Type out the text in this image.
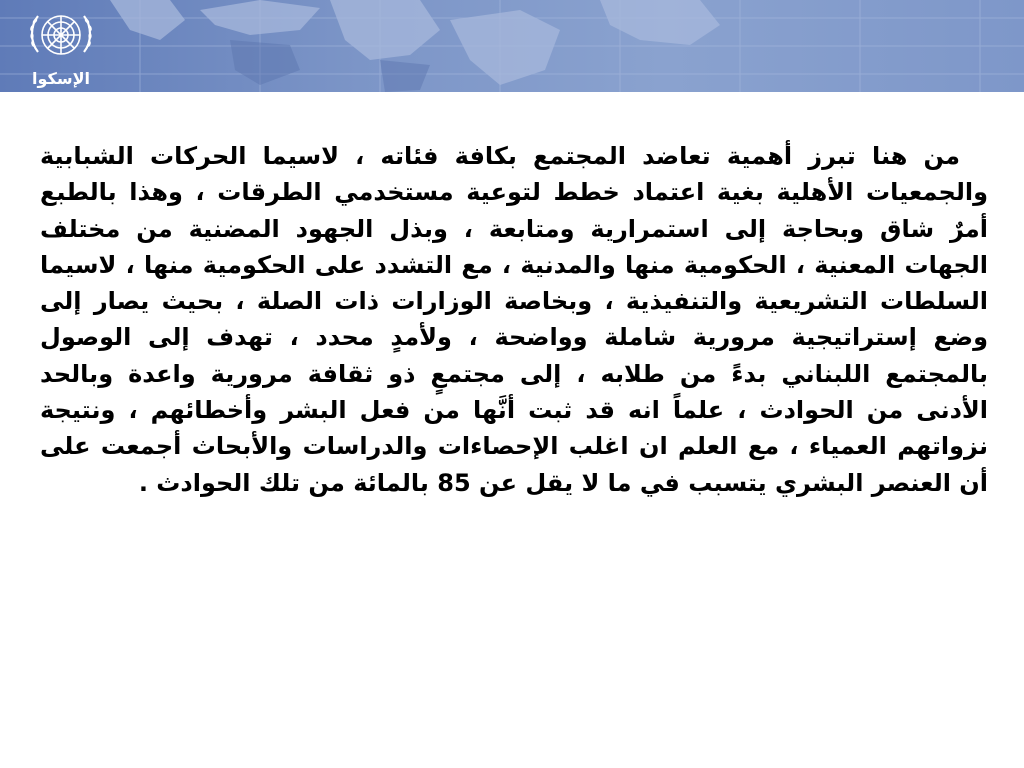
الإسكوا
من هنا تبرز أهمية تعاضد المجتمع بكافة فئاته ، لاسيما الحركات الشبابية والجمعيات الأهلية بغية اعتماد خطط لتوعية مستخدمي الطرقات ، وهذا بالطبع أمرٌ شاق وبحاجة إلى استمرارية ومتابعة ، وبذل الجهود المضنية من مختلف الجهات المعنية ، الحكومية منها والمدنية ، مع التشدد على الحكومية منها ، لاسيما السلطات التشريعية والتنفيذية ، وبخاصة الوزارات ذات الصلة ، بحيث يصار إلى وضع إستراتيجية مرورية شاملة وواضحة ، ولأمدٍ محدد ، تهدف إلى الوصول بالمجتمع اللبناني بدءً من طلابه ، إلى مجتمعٍ ذو ثقافة مرورية واعدة وبالحد الأدنى من الحوادث ، علماً انه قد ثبت أنَّها من فعل البشر وأخطائهم ، ونتيجة نزواتهم العمياء ، مع العلم ان اغلب الإحصاءات والدراسات والأبحاث أجمعت على أن العنصر البشري يتسبب في ما لا يقل عن 85 بالمائة من تلك الحوادث .
